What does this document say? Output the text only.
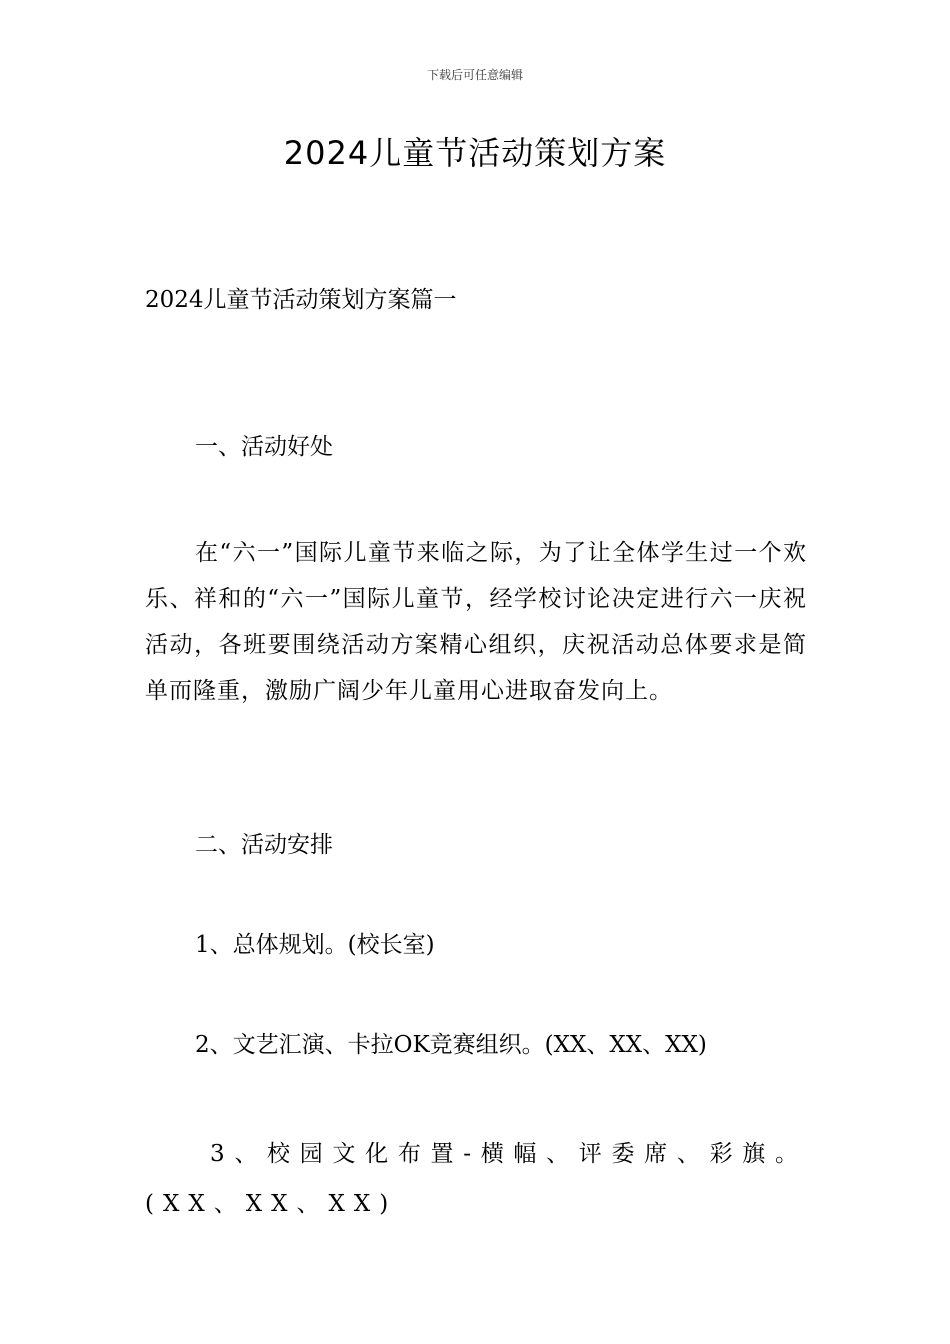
下载后可任意编辑
2024儿童节活动策划方案
2024儿童节活动策划方案篇一
一、活动好处
在“六一”国际儿童节来临之际，为了让全体学生过一个欢乐、祥和的“六一”国际儿童节，经学校讨论决定进行六一庆祝活动，各班要围绕活动方案精心组织，庆祝活动总体要求是简单而隆重，激励广阔少年儿童用心进取奋发向上。
二、活动安排
1、总体规划。(校长室)
2、文艺汇演、卡拉OK竞赛组织。(XX、XX、XX)
3、校园文化布置-横幅、评委席、彩旗。(XX、XX、XX)
